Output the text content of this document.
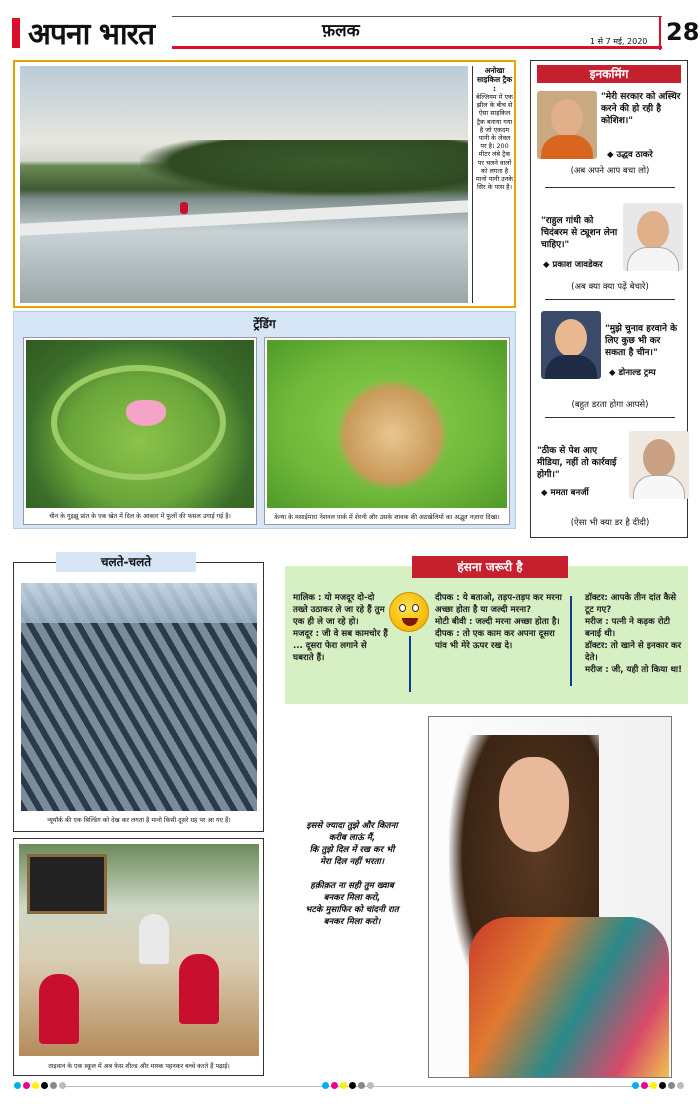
अपना भारत	फ़लक
1 से 7 मई, 2020 28
अनोखा साइकिल ट्रैक :
बेल्जियम में एक झील के बीच से ऐसा साइकिल ट्रैक बनाया गया है जो एकदम पानी के लेवल पर है। 200 मीटर लंबे ट्रैक पर चलने वालों को लगता है मानो पानी उनके सिर के पास है।
ट्रेंडिंग
चीन के गुइझू प्रांत के एक खेत में दिल के आकार में फूलों की फसल उगाई गई है।	केन्या के मसाईमारा नेशनल पार्क में शेरनी और उसके शावक की अठखेलियों का अद्भुत नज़ारा दिखा।
इनकमिंग
"मेरी सरकार को अस्थिर करने की हो रही है कोशिश।"
◆ उद्धव ठाकरे
(अब अपने आप बचा लो)
"राहुल गांधी को चिदंबरम से ट्यूशन लेना चाहिए।"
◆ प्रकाश जावडेकर
(अब क्या क्या पढ़ें बेचारे)
"मुझे चुनाव हरवाने के लिए कुछ भी कर सकता है चीन।"
◆ डोनाल्ड ट्रम्प
(बहुत डरता होगा आपसे)
"ठीक से पेश आए मीडिया, नहीं तो कार्रवाई होगी।"
◆ ममता बनर्जी
(ऐसा भी क्या डर है दीदी)
न्यूयॉर्क की एक बिल्डिंग को देख कर लगता है मानो किसी दूसरे ग्रह पर आ गए हैं।
चलते-चलते
ताइवान के एक स्कूल में अब फेस शील्ड और मास्क पहनकर बच्चे करते हैं पढ़ाई।
मालिक : यो मजदूर दो-दो तख्ते उठाकर ले जा रहे हैं तुम एक ही ले जा रहे हो।
मजदूर : जी वे सब कामचोर हैं ... दूसरा फेरा लगाने से घबराते हैं।
दीपक : ये बताओ, तड़प-तड़प कर मरना अच्छा होता है या जल्दी मरना?
मोटी बीवी : जल्दी मरना अच्छा होता है।
दीपक : तो एक काम कर अपना दूसरा पांव भी मेरे ऊपर रख दे।
डॉक्टर: आपके तीन दांत कैसे टूट गए?
मरीज : पत्नी ने कड़क रोटी बनाई थी।
डॉक्टर: तो खाने से इनकार कर देते।
मरीज : जी, यही तो किया था!
हंसना जरूरी है

इससे ज्यादा तुझे और कितना
करीब लाऊं मैं,
कि तुझे दिल में रख कर भी
मेरा दिल नहीं भरता।

हक़ीक़त ना सही तुम ख्वाब
बनकर मिला करो,
भटके मुसाफिर को चांदनी रात
बनकर मिला करो।
